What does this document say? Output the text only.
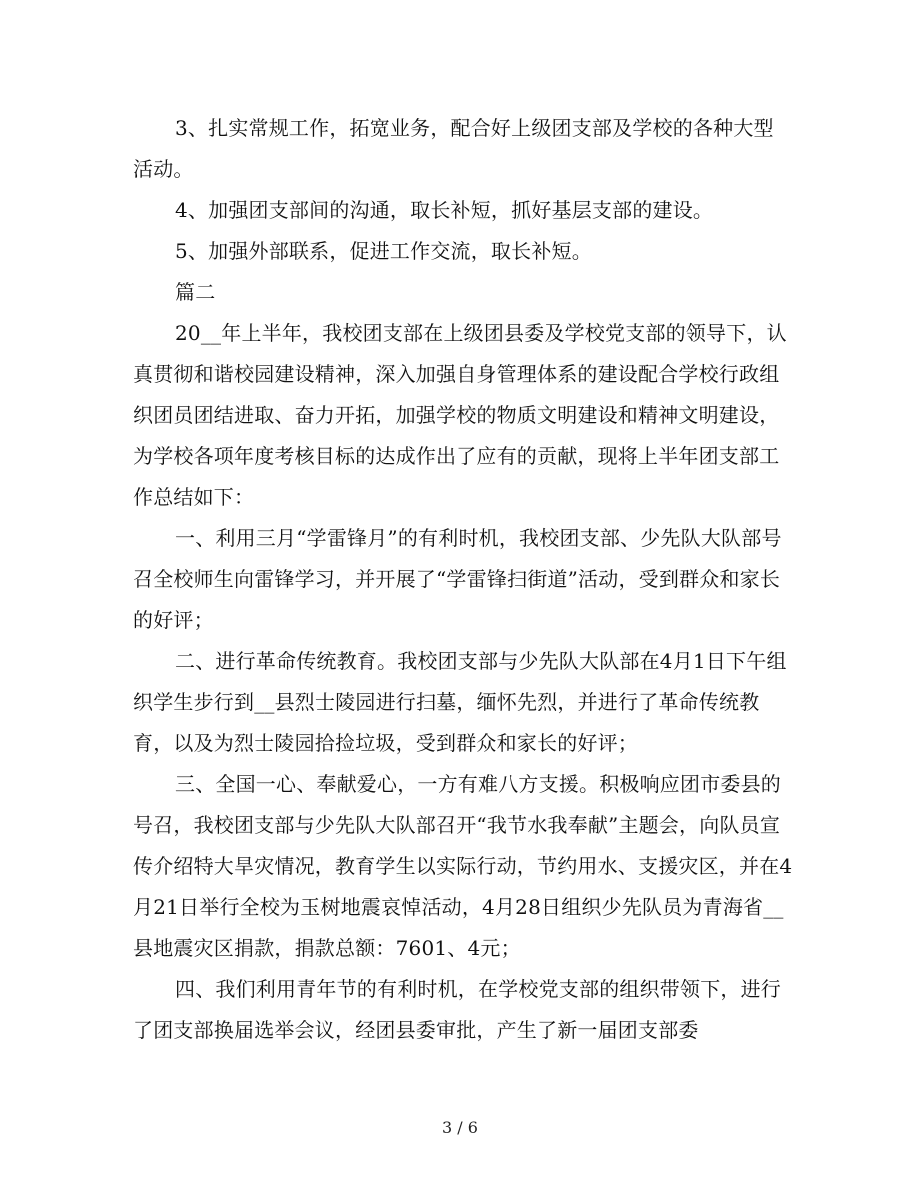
3、扎实常规工作，拓宽业务，配合好上级团支部及学校的各种大型活动。

4、加强团支部间的沟通，取长补短，抓好基层支部的建设。

5、加强外部联系，促进工作交流，取长补短。

篇二

20__年上半年，我校团支部在上级团县委及学校党支部的领导下，认真贯彻和谐校园建设精神，深入加强自身管理体系的建设配合学校行政组织团员团结进取、奋力开拓，加强学校的物质文明建设和精神文明建设，为学校各项年度考核目标的达成作出了应有的贡献，现将上半年团支部工作总结如下：

一、利用三月“学雷锋月”的有利时机，我校团支部、少先队大队部号召全校师生向雷锋学习，并开展了“学雷锋扫街道”活动，受到群众和家长的好评；

二、进行革命传统教育。我校团支部与少先队大队部在4月1日下午组织学生步行到__县烈士陵园进行扫墓，缅怀先烈，并进行了革命传统教育，以及为烈士陵园拾捡垃圾，受到群众和家长的好评；

三、全国一心、奉献爱心，一方有难八方支援。积极响应团市委县的号召，我校团支部与少先队大队部召开“我节水我奉献”主题会，向队员宣传介绍特大旱灾情况，教育学生以实际行动，节约用水、支援灾区，并在4月21日举行全校为玉树地震哀悼活动，4月28日组织少先队员为青海省__县地震灾区捐款，捐款总额：7601、4元；

四、我们利用青年节的有利时机，在学校党支部的组织带领下，进行了团支部换届选举会议，经团县委审批，产生了新一届团支部委

3 / 6
